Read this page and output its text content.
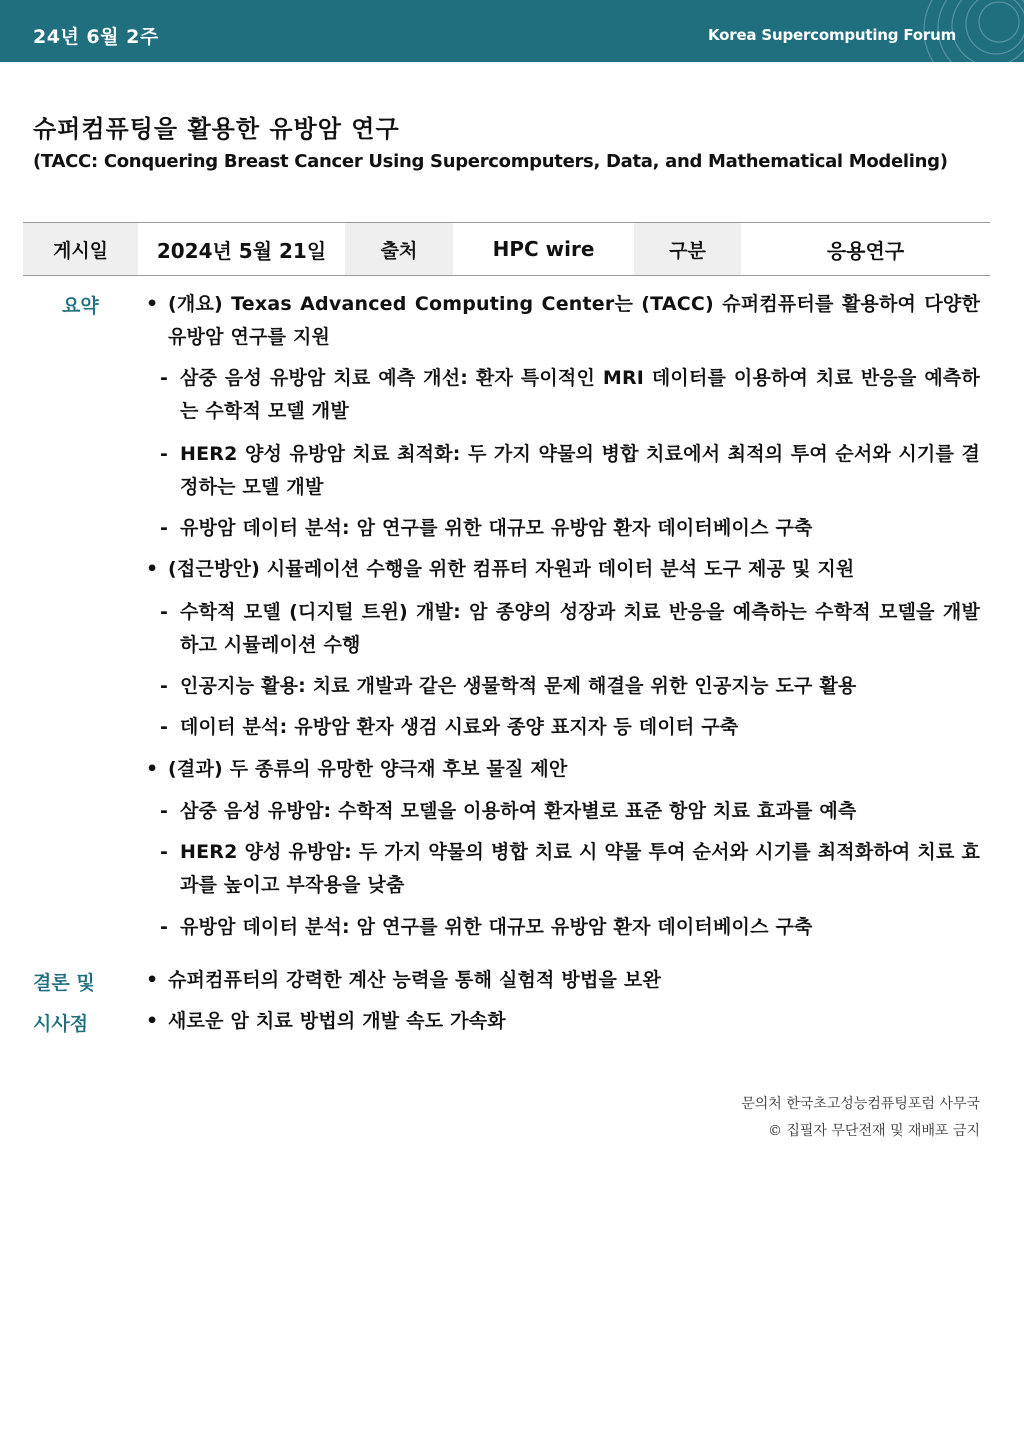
24년 6월 2주	Korea Supercomputing Forum
슈퍼컴퓨팅을 활용한 유방암 연구
(TACC: Conquering Breast Cancer Using Supercomputers, Data, and Mathematical Modeling)
게시일	2024년 5월 21일	출처	HPC wire	구분	응용연구
요약 • (개요) Texas Advanced Computing Center는 (TACC) 슈퍼컴퓨터를 활용하여 다양한 유방암 연구를 지원
- 삼중 음성 유방암 치료 예측 개선: 환자 특이적인 MRI 데이터를 이용하여 치료 반응을 예측하는 수학적 모델 개발
- HER2 양성 유방암 치료 최적화: 두 가지 약물의 병합 치료에서 최적의 투여 순서와 시기를 결정하는 모델 개발
- 유방암 데이터 분석: 암 연구를 위한 대규모 유방암 환자 데이터베이스 구축
• (접근방안) 시뮬레이션 수행을 위한 컴퓨터 자원과 데이터 분석 도구 제공 및 지원
- 수학적 모델 (디지털 트윈) 개발: 암 종양의 성장과 치료 반응을 예측하는 수학적 모델을 개발하고 시뮬레이션 수행
- 인공지능 활용: 치료 개발과 같은 생물학적 문제 해결을 위한 인공지능 도구 활용
- 데이터 분석: 유방암 환자 생검 시료와 종양 표지자 등 데이터 구축
• (결과) 두 종류의 유망한 양극재 후보 물질 제안
- 삼중 음성 유방암: 수학적 모델을 이용하여 환자별로 표준 항암 치료 효과를 예측
- HER2 양성 유방암: 두 가지 약물의 병합 치료 시 약물 투여 순서와 시기를 최적화하여 치료 효과를 높이고 부작용을 낮춤
- 유방암 데이터 분석: 암 연구를 위한 대규모 유방암 환자 데이터베이스 구축
결론 및
시사점
• 슈퍼컴퓨터의 강력한 계산 능력을 통해 실험적 방법을 보완
• 새로운 암 치료 방법의 개발 속도 가속화
문의처 한국초고성능컴퓨팅포럼 사무국
© 집필자 무단전재 및 재배포 금지
